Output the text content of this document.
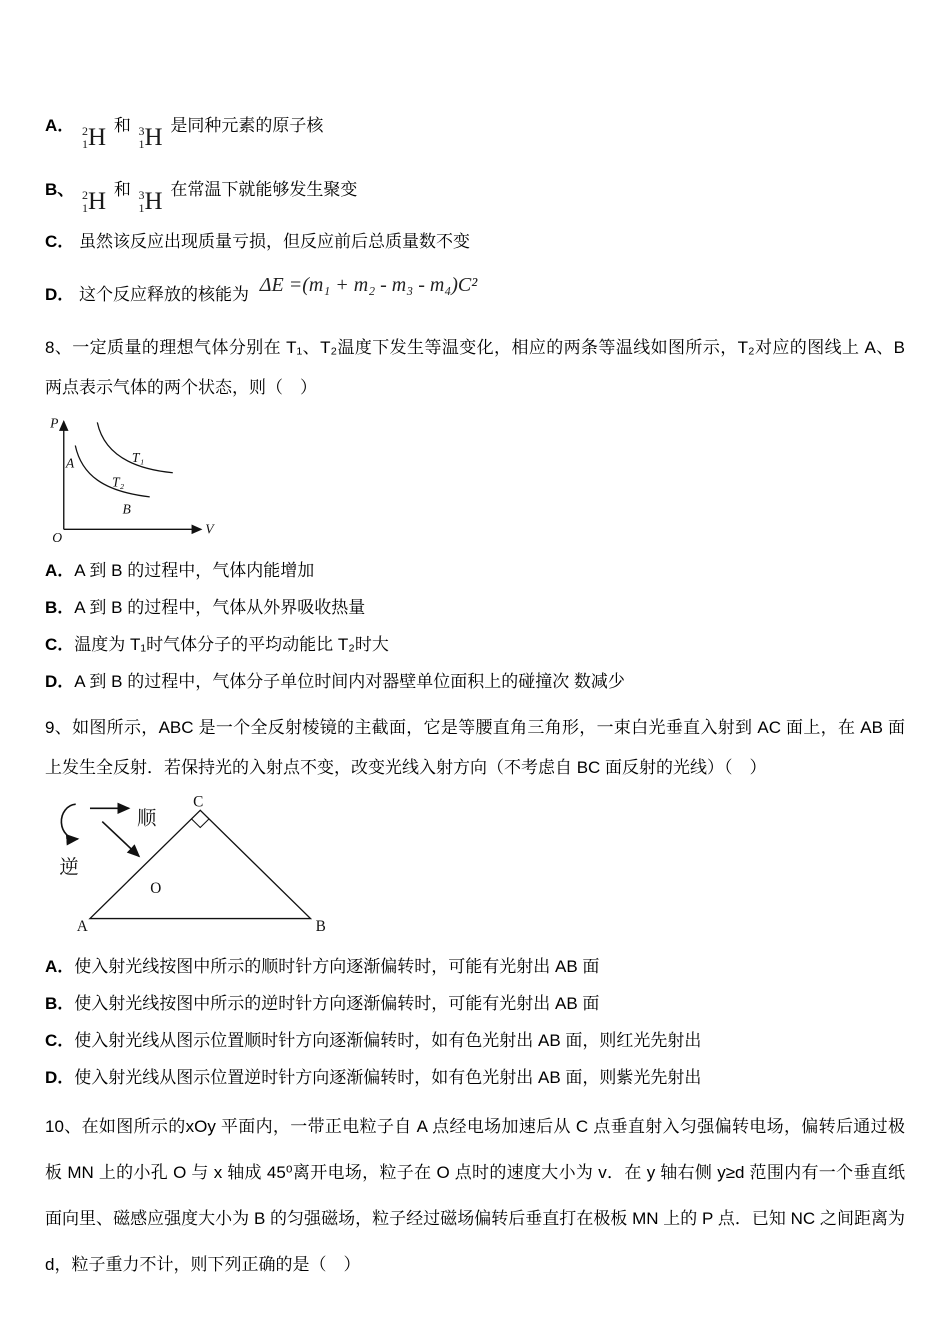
A． 2
1 H 和 3
1 H 是同种元素的原子核
B、 2
1 H 和 3
1 H 在常温下就能够发生聚变
C． 虽然该反应出现质量亏损，但反应前后总质量数不变
D． 这个反应释放的核能为 ΔE =(m₁ + m₂ - m₃ - m₄)C²

8、一定质量的理想气体分别在 T₁、T₂温度下发生等温变化，相应的两条等温线如图所示，T₂对应的图线上 A、B 两点表示气体的两个状态，则（　）

P
V
O
T₁
T₂
A
B
A．A 到 B 的过程中，气体内能增加
B．A 到 B 的过程中，气体从外界吸收热量
C．温度为 T₁时气体分子的平均动能比 T₂时大
D．A 到 B 的过程中，气体分子单位时间内对器壁单位面积上的碰撞次 数减少

9、如图所示，ABC 是一个全反射棱镜的主截面，它是等腰直角三角形，一束白光垂直入射到 AC 面上，在 AB 面上发生全反射．若保持光的入射点不变，改变光线入射方向（不考虑自 BC 面反射的光线）（　）

顺
逆
C
A	B
O
A．使入射光线按图中所示的顺时针方向逐渐偏转时，可能有光射出 AB 面
B．使入射光线按图中所示的逆时针方向逐渐偏转时，可能有光射出 AB 面
C．使入射光线从图示位置顺时针方向逐渐偏转时，如有色光射出 AB 面，则红光先射出
D．使入射光线从图示位置逆时针方向逐渐偏转时，如有色光射出 AB 面，则紫光先射出

10、在如图所示的xOy 平面内，一带正电粒子自 A 点经电场加速后从 C 点垂直射入匀强偏转电场，偏转后通过极板 MN 上的小孔 O 与 x 轴成 45⁰离开电场，粒子在 O 点时的速度大小为 v．在 y 轴右侧 y≥d 范围内有一个垂直纸面向里、磁感应强度大小为 B 的匀强磁场，粒子经过磁场偏转后垂直打在极板 MN 上的 P 点．已知 NC 之间距离为 d，粒子重力不计，则下列正确的是（　）
